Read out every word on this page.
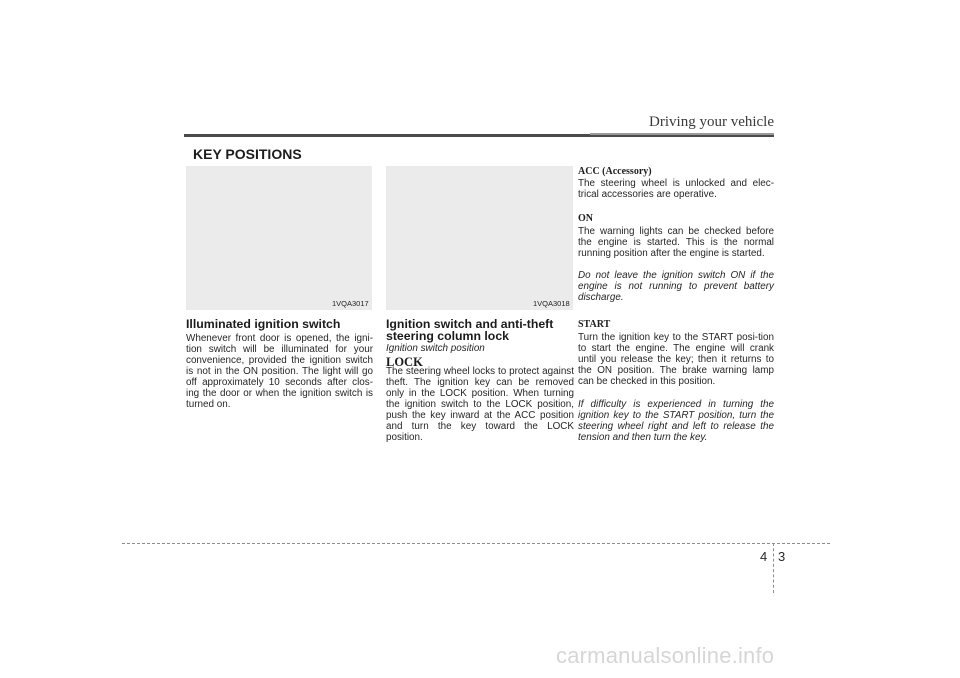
Driving your vehicle
KEY POSITIONS
1VQA3017
Illuminated ignition switch
Whenever front door is opened, the igni-tion switch will be illuminated for your convenience, provided the ignition switch is not in the ON position. The light will go off approximately 10 seconds after clos-ing the door or when the ignition switch is turned on.
1VQA3018
Ignition switch and anti-theft steering column lock
Ignition switch position
LOCK
The steering wheel locks to protect against theft. The ignition key can be removed only in the LOCK position. When turning the ignition switch to the LOCK position, push the key inward at the ACC position and turn the key toward the LOCK position.
ACC (Accessory)
The steering wheel is unlocked and elec-trical accessories are operative.
ON
The warning lights can be checked before the engine is started. This is the normal running position after the engine is started.
Do not leave the ignition switch ON if the engine is not running to prevent battery discharge.
START
Turn the ignition key to the START posi-tion to start the engine. The engine will crank until you release the key; then it returns to the ON position. The brake warning lamp can be checked in this position.
If difficulty is experienced in turning the ignition key to the START position, turn the steering wheel right and left to release the tension and then turn the key.
4 3
carmanualsonline.info
